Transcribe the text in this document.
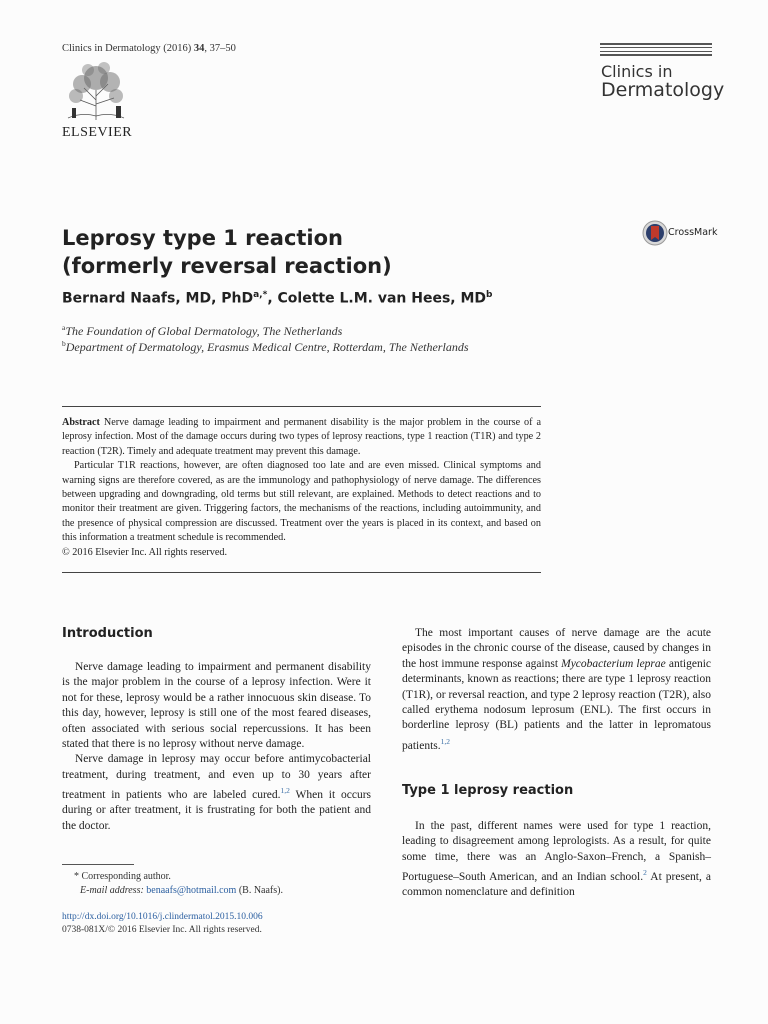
Clinics in Dermatology (2016) 34, 37–50
ELSEVIER
Clinics in
Dermatology
Leprosy type 1 reaction
(formerly reversal reaction)
CrossMark
Bernard Naafs, MD, PhD$^{a,*}$, Colette L.M. van Hees, $MD^b$
$^a$The Foundation of Global Dermatology, The Netherlands
$^b$Department of Dermatology, Erasmus Medical Centre, Rotterdam, The Netherlands

Abstract Nerve damage leading to impairment and permanent disability is the major problem in the course of a leprosy infection. Most of the damage occurs during two types of leprosy reactions, type 1 reaction (T1R) and type 2 reaction (T2R). Timely and adequate treatment may prevent this damage.

Particular T1R reactions, however, are often diagnosed too late and are even missed. Clinical symptoms and warning signs are therefore covered, as are the immunology and pathophysiology of nerve damage. The differences between upgrading and downgrading, old terms but still relevant, are explained. Methods to detect reactions and to monitor their treatment are given. Triggering factors, the mechanisms of the reactions, including autoimmunity, and the presence of physical compression are discussed. Treatment over the years is placed in its context, and based on this information a treatment schedule is recommended.

© 2016 Elsevier Inc. All rights reserved.

Introduction

Nerve damage leading to impairment and permanent disability is the major problem in the course of a leprosy infection. Were it not for these, leprosy would be a rather innocuous skin disease. To this day, however, leprosy is still one of the most feared diseases, often associated with serious social repercussions. It has been stated that there is no leprosy without nerve damage.

Nerve damage in leprosy may occur before antimycobacterial treatment, during treatment, and even up to 30 years after treatment in patients who are labeled cured.$^{1,2}$ When it occurs during or after treatment, it is frustrating for both the patient and the doctor.

The most important causes of nerve damage are the acute episodes in the chronic course of the disease, caused by changes in the host immune response against Mycobacterium leprae antigenic determinants, known as reactions; there are type 1 leprosy reaction (T1R), or reversal reaction, and type 2 leprosy reaction (T2R), also called erythema nodosum leprosum (ENL). The first occurs in borderline leprosy (BL) patients and the latter in lepromatous patients.$^{1,2}$

Type 1 leprosy reaction

In the past, different names were used for type 1 reaction, leading to disagreement among leprologists. As a result, for quite some time, there was an Anglo-Saxon–French, a Spanish–Portuguese–South American, and an Indian school.$^2$ At present, a common nomenclature and definition

* Corresponding author.
E-mail address: benaafs@hotmail.com (B. Naafs).
http://dx.doi.org/10.1016/j.clindermatol.2015.10.006
0738-081X/© 2016 Elsevier Inc. All rights reserved.
